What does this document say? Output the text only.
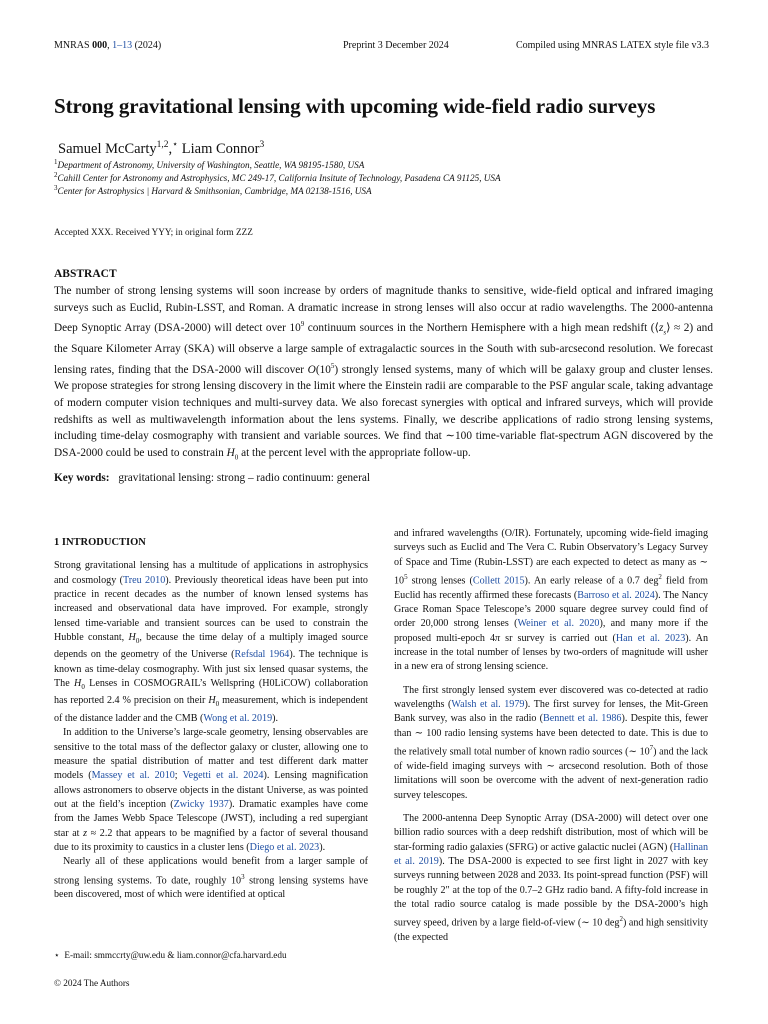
MNRAS 000, 1–13 (2024)	Preprint 3 December 2024	Compiled using MNRAS LATEX style file v3.3
Strong gravitational lensing with upcoming wide-field radio surveys
Samuel McCarty$^{1,2}$,⋆ Liam Connor$^3$
$^1$Department of Astronomy, University of Washington, Seattle, WA 98195-1580, USA
$^2$Cahill Center for Astronomy and Astrophysics, MC 249-17, California Insitute of Technology, Pasadena CA 91125, USA
$^3$Center for Astrophysics | Harvard & Smithsonian, Cambridge, MA 02138-1516, USA
Accepted XXX. Received YYY; in original form ZZZ
ABSTRACT
The number of strong lensing systems will soon increase by orders of magnitude thanks to sensitive, wide-field optical and infrared imaging surveys such as Euclid, Rubin-LSST, and Roman. A dramatic increase in strong lenses will also occur at radio wavelengths. The 2000-antenna Deep Synoptic Array (DSA-2000) will detect over $10^9$ continuum sources in the Northern Hemisphere with a high mean redshift $(⟨z_s⟩ \approx 2)$ and the Square Kilometer Array (SKA) will observe a large sample of extragalactic sources in the South with sub-arcsecond resolution. We forecast lensing rates, finding that the DSA-2000 will discover $O(10^5)$ strongly lensed systems, many of which will be galaxy group and cluster lenses. We propose strategies for strong lensing discovery in the limit where the Einstein radii are comparable to the PSF angular scale, taking advantage of modern computer vision techniques and multi-survey data. We also forecast synergies with optical and infrared surveys, which will provide redshifts as well as multiwavelength information about the lens systems. Finally, we describe applications of radio strong lensing systems, including time-delay cosmography with transient and variable sources. We find that ∼100 time-variable flat-spectrum AGN discovered by the DSA-2000 could be used to constrain $H_0$ at the percent level with the appropriate follow-up.
Key words: gravitational lensing: strong – radio continuum: general
1 INTRODUCTION

Strong gravitational lensing has a multitude of applications in astrophysics and cosmology (Treu 2010). Previously theoretical ideas have been put into practice in recent decades as the number of known lensed systems has increased and observational data have improved. For example, strongly lensed time-variable and transient sources can be used to constrain the Hubble constant, $H_0$, because the time delay of a multiply imaged source depends on the geometry of the Universe (Refsdal 1964). The technique is known as time-delay cosmography. With just six lensed quasar systems, the The $H_0$ Lenses in COSMOGRAIL’s Wellspring (H0LiCOW) collaboration has reported 2.4 % precision on their $H_0$ measurement, which is independent of the distance ladder and the CMB (Wong et al. 2019).

In addition to the Universe’s large-scale geometry, lensing observables are sensitive to the total mass of the deflector galaxy or cluster, allowing one to measure the spatial distribution of matter and test different dark matter models (Massey et al. 2010; Vegetti et al. 2024). Lensing magnification allows astronomers to observe objects in the distant Universe, as was pointed out at the field’s inception (Zwicky 1937). Dramatic examples have come from the James Webb Space Telescope (JWST), including a red supergiant star at z ≈ 2.2 that appears to be magnified by a factor of several thousand due to its proximity to caustics in a cluster lens (Diego et al. 2023).

Nearly all of these applications would benefit from a larger sample of strong lensing systems. To date, roughly $10^3$ strong lensing systems have been discovered, most of which were identified at optical

and infrared wavelengths (O/IR). Fortunately, upcoming wide-field imaging surveys such as Euclid and The Vera C. Rubin Observatory’s Legacy Survey of Space and Time (Rubin-LSST) are each expected to detect as many as ∼ $10^5$ strong lenses (Collett 2015). An early release of a 0.7 deg$^2$ field from Euclid has recently affirmed these forecasts (Barroso et al. 2024). The Nancy Grace Roman Space Telescope’s 2000 square degree survey could find of order 20,000 strong lenses (Weiner et al. 2020), and many more if the proposed multi-epoch 4π sr survey is carried out (Han et al. 2023). An increase in the total number of lenses by two-orders of magnitude will usher in a new era of strong lensing science.

The first strongly lensed system ever discovered was co-detected at radio wavelengths (Walsh et al. 1979). The first survey for lenses, the Mit-Green Bank survey, was also in the radio (Bennett et al. 1986). Despite this, fewer than ∼ 100 radio lensing systems have been detected to date. This is due to the relatively small total number of known radio sources (∼ $10^7$) and the lack of wide-field imaging surveys with ∼ arcsecond resolution. Both of those limitations will soon be overcome with the advent of next-generation radio survey telescopes.

The 2000-antenna Deep Synoptic Array (DSA-2000) will detect over one billion radio sources with a deep redshift distribution, most of which will be star-forming radio galaxies (SFRG) or active galactic nuclei (AGN) (Hallinan et al. 2019). The DSA-2000 is expected to see first light in 2027 with key surveys running between 2028 and 2033. Its point-spread function (PSF) will be roughly 2″ at the top of the 0.7–2 GHz radio band. A fifty-fold increase in the total radio source catalog is made possible by the DSA-2000’s high survey speed, driven by a large field-of-view (∼ 10 deg$^2$) and high sensitivity (the expected

⋆ E-mail: smmccrty@uw.edu & liam.connor@cfa.harvard.edu
© 2024 The Authors
